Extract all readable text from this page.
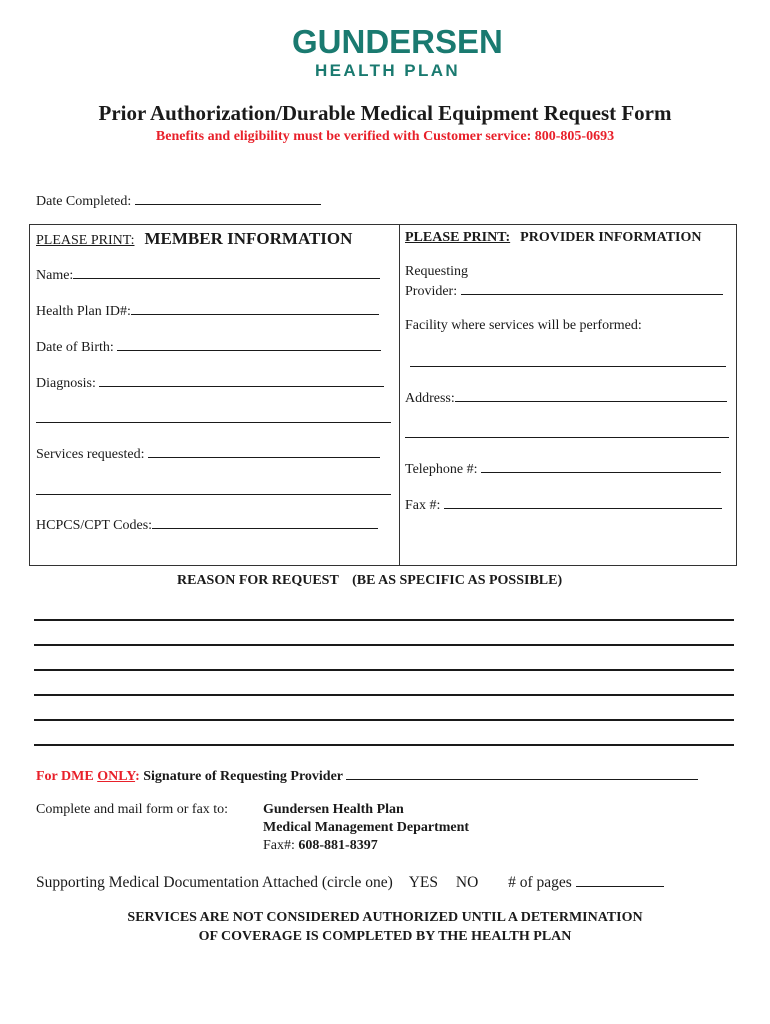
GUNDERSEN
HEALTH PLAN
Prior Authorization/Durable Medical Equipment Request Form
Benefits and eligibility must be verified with Customer service: 800-805-0693
Date Completed:
PLEASE PRINT: MEMBER INFORMATION
Name:
Health Plan ID#:
Date of Birth:
Diagnosis:
Services requested:
HCPCS/CPT Codes:
PLEASE PRINT: PROVIDER INFORMATION
Requesting
Provider:
Facility where services will be performed:
Address:
Telephone #:
Fax #:
REASON FOR REQUEST (BE AS SPECIFIC AS POSSIBLE)
For DME ONLY: Signature of Requesting Provider
Complete and mail form or fax to: Gundersen Health Plan
Medical Management Department
Fax#: 608-881-8397
Supporting Medical Documentation Attached (circle one) YES NO # of pages
SERVICES ARE NOT CONSIDERED AUTHORIZED UNTIL A DETERMINATION
OF COVERAGE IS COMPLETED BY THE HEALTH PLAN
